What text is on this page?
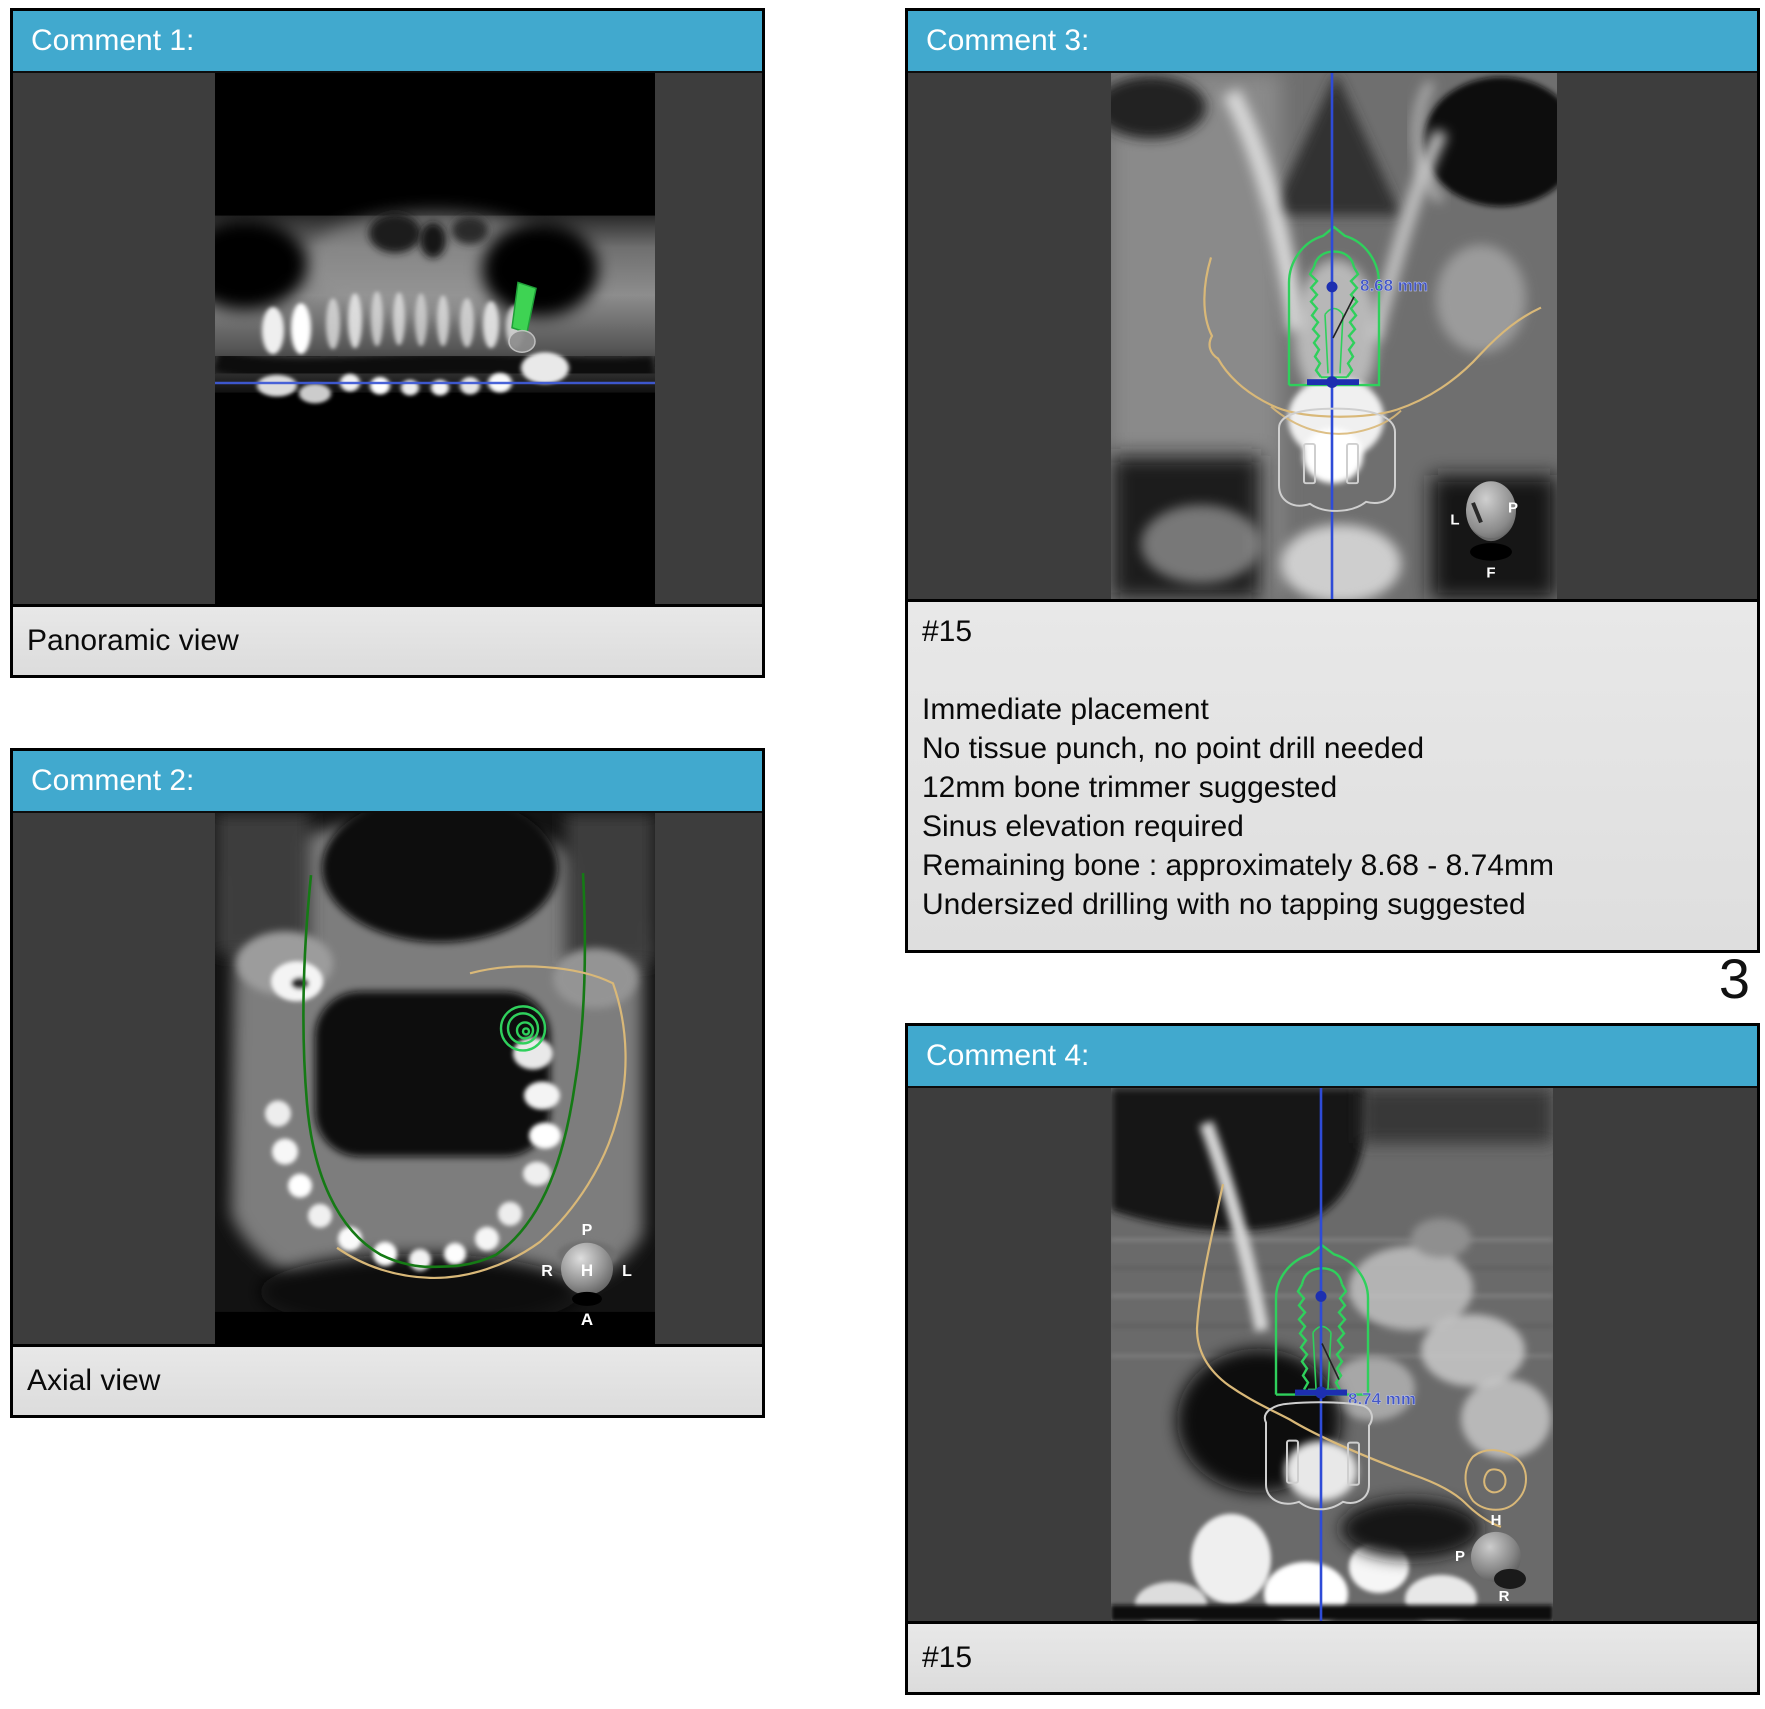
Comment 1:
Panoramic view
Comment 2:
P
R H L
A
Axial view
Comment 3:
8.68 mm
L
P
F
#15
Immediate placement
No tissue punch, no point drill needed
12mm bone trimmer suggested
Sinus elevation required
Remaining bone : approximately 8.68 - 8.74mm
Undersized drilling with no tapping suggested
3
Comment 4:
8.74 mm
H
P
R
#15
